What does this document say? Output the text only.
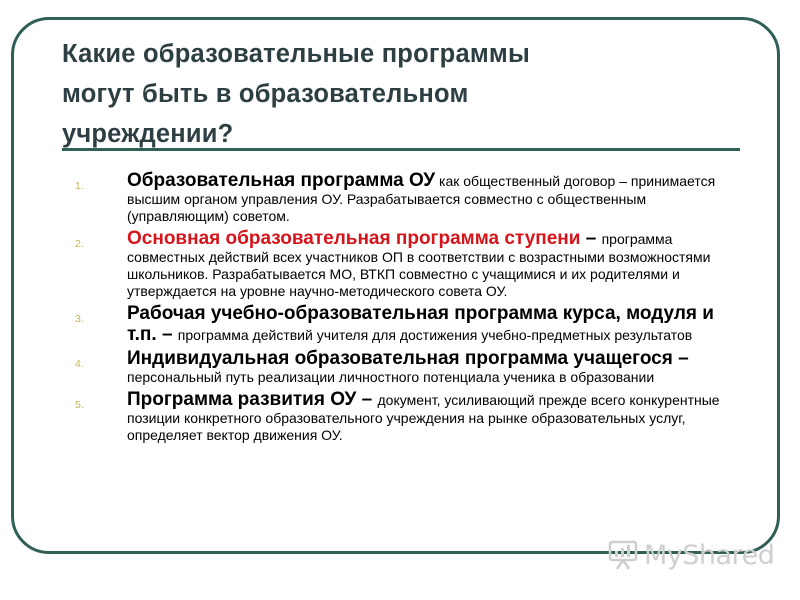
Какие образовательные программы
могут быть в образовательном
учреждении?
1. Образовательная программа ОУ как общественный договор – принимается высшим органом управления ОУ. Разрабатывается совместно с общественным (управляющим) советом.
2. Основная образовательная программа ступени – программа совместных действий всех участников ОП в соответствии с возрастными возможностями школьников. Разрабатывается МО, ВТКП совместно с учащимися и их родителями и утверждается на уровне научно-методического совета ОУ.
3. Рабочая учебно-образовательная программа курса, модуля и т.п. – программа действий учителя для достижения учебно-предметных результатов
4. Индивидуальная образовательная программа учащегося – персональный путь реализации личностного потенциала ученика в образовании
5. Программа развития ОУ – документ, усиливающий прежде всего конкурентные позиции конкретного образовательного учреждения на рынке образовательных услуг, определяет вектор движения ОУ.
MyShared
